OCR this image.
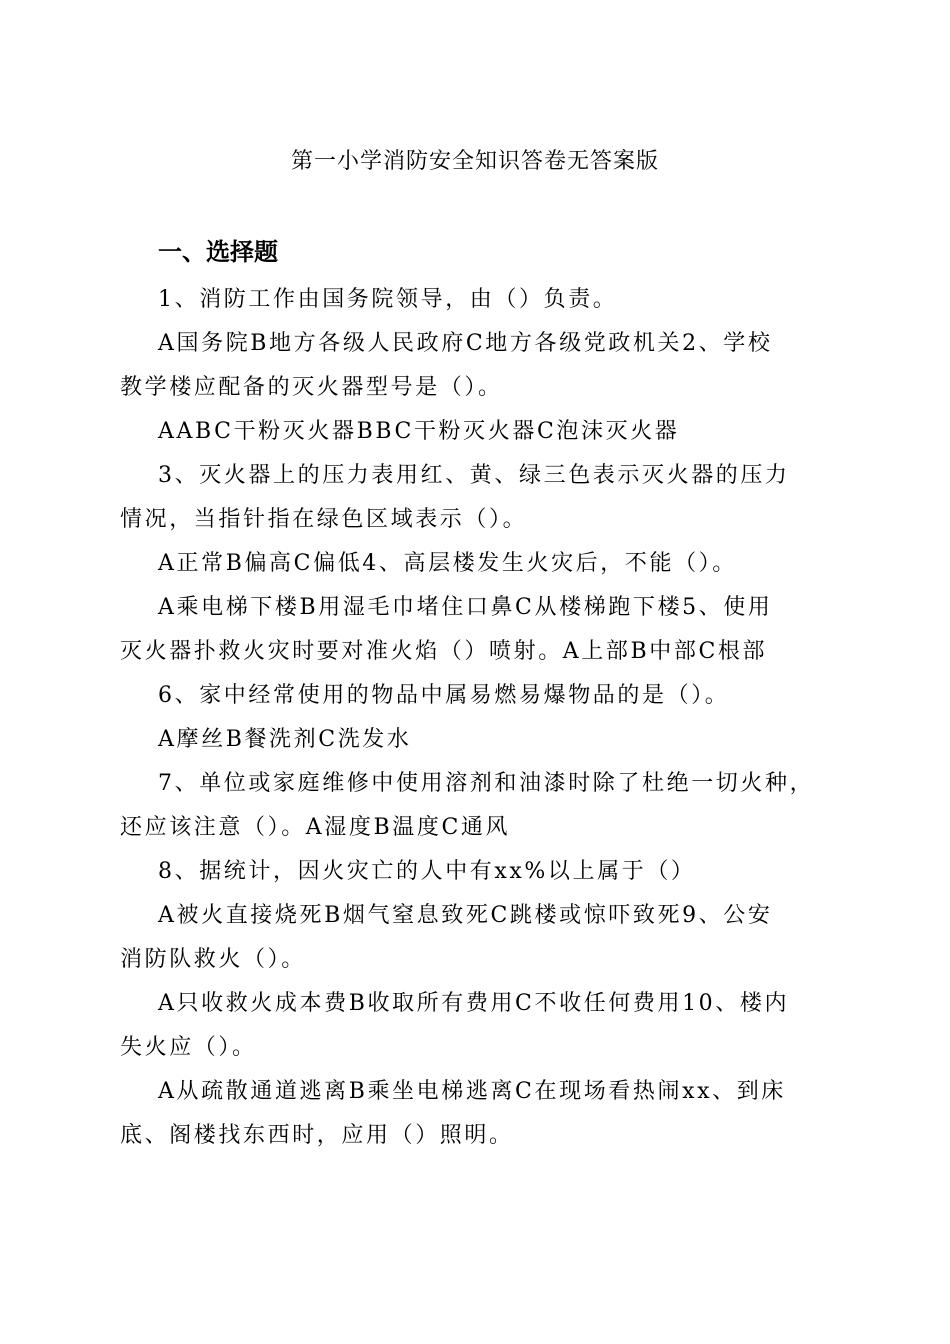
第一小学消防安全知识答卷无答案版
一、选择题
1、消防工作由国务院领导，由（）负责。
A国务院B地方各级人民政府C地方各级党政机关2、学校
教学楼应配备的灭火器型号是（）。
AABC干粉灭火器BBC干粉灭火器C泡沫灭火器
3、灭火器上的压力表用红、黄、绿三色表示灭火器的压力
情况，当指针指在绿色区域表示（）。
A正常B偏高C偏低4、高层楼发生火灾后，不能（）。
A乘电梯下楼B用湿毛巾堵住口鼻C从楼梯跑下楼5、使用
灭火器扑救火灾时要对准火焰（）喷射。A上部B中部C根部
6、家中经常使用的物品中属易燃易爆物品的是（）。
A摩丝B餐洗剂C洗发水
7、单位或家庭维修中使用溶剂和油漆时除了杜绝一切火种，
还应该注意（）。A湿度B温度C通风
8、据统计，因火灾亡的人中有xx%以上属于（）
A被火直接烧死B烟气窒息致死C跳楼或惊吓致死9、公安
消防队救火（）。
A只收救火成本费B收取所有费用C不收任何费用10、楼内
失火应（）。
A从疏散通道逃离B乘坐电梯逃离C在现场看热闹xx、到床
底、阁楼找东西时，应用（）照明。
